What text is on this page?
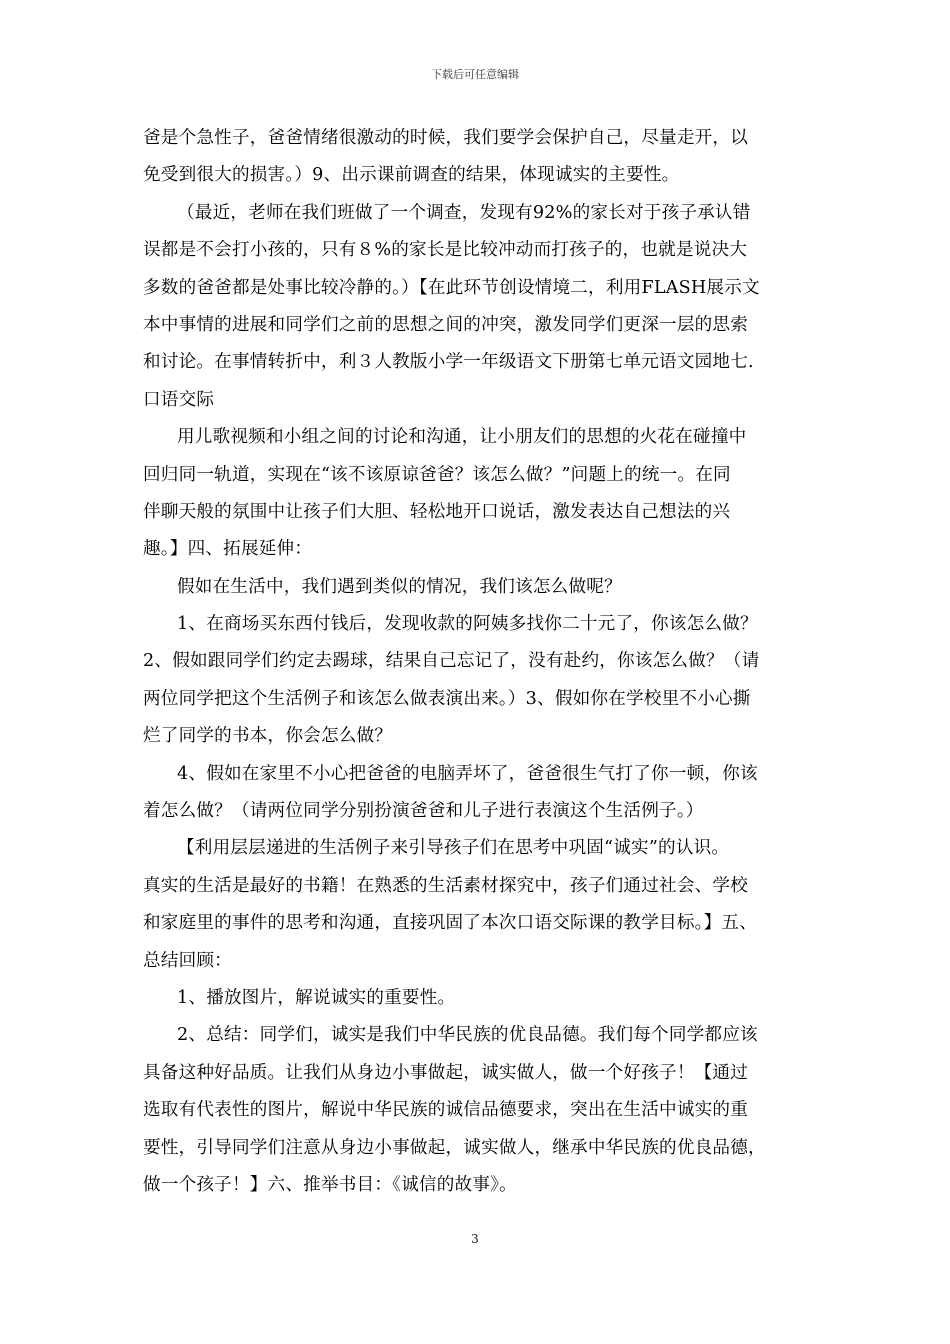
下载后可任意编辑
爸是个急性子，爸爸情绪很激动的时候，我们要学会保护自己，尽量走开，以
免受到很大的损害。）9、出示课前调查的结果，体现诚实的主要性。
（最近，老师在我们班做了一个调查，发现有92%的家长对于孩子承认错
误都是不会打小孩的，只有８%的家长是比较冲动而打孩子的，也就是说决大
多数的爸爸都是处事比较冷静的。）【在此环节创设情境二，利用FLASH展示文
本中事情的进展和同学们之前的思想之间的冲突，激发同学们更深一层的思索
和讨论。在事情转折中，利３人教版小学一年级语文下册第七单元语文园地七.
口语交际
用儿歌视频和小组之间的讨论和沟通，让小朋友们的思想的火花在碰撞中
回归同一轨道，实现在“该不该原谅爸爸？该怎么做？”问题上的统一。在同
伴聊天般的氛围中让孩子们大胆、轻松地开口说话，激发表达自己想法的兴
趣。】四、拓展延伸：
假如在生活中，我们遇到类似的情况，我们该怎么做呢？
1、在商场买东西付钱后，发现收款的阿姨多找你二十元了，你该怎么做？
2、假如跟同学们约定去踢球，结果自己忘记了，没有赴约，你该怎么做？（请
两位同学把这个生活例子和该怎么做表演出来。）3、假如你在学校里不小心撕
烂了同学的书本，你会怎么做？
4、假如在家里不小心把爸爸的电脑弄坏了，爸爸很生气打了你一顿，你该
着怎么做？（请两位同学分别扮演爸爸和儿子进行表演这个生活例子。）
【利用层层递进的生活例子来引导孩子们在思考中巩固“诚实”的认识。
真实的生活是最好的书籍！在熟悉的生活素材探究中，孩子们通过社会、学校
和家庭里的事件的思考和沟通，直接巩固了本次口语交际课的教学目标。】五、
总结回顾：
1、播放图片，解说诚实的重要性。
2、总结：同学们，诚实是我们中华民族的优良品德。我们每个同学都应该
具备这种好品质。让我们从身边小事做起，诚实做人，做一个好孩子！【通过
选取有代表性的图片，解说中华民族的诚信品德要求，突出在生活中诚实的重
要性，引导同学们注意从身边小事做起，诚实做人，继承中华民族的优良品德，
做一个孩子！】六、推举书目：《诚信的故事》。
3
